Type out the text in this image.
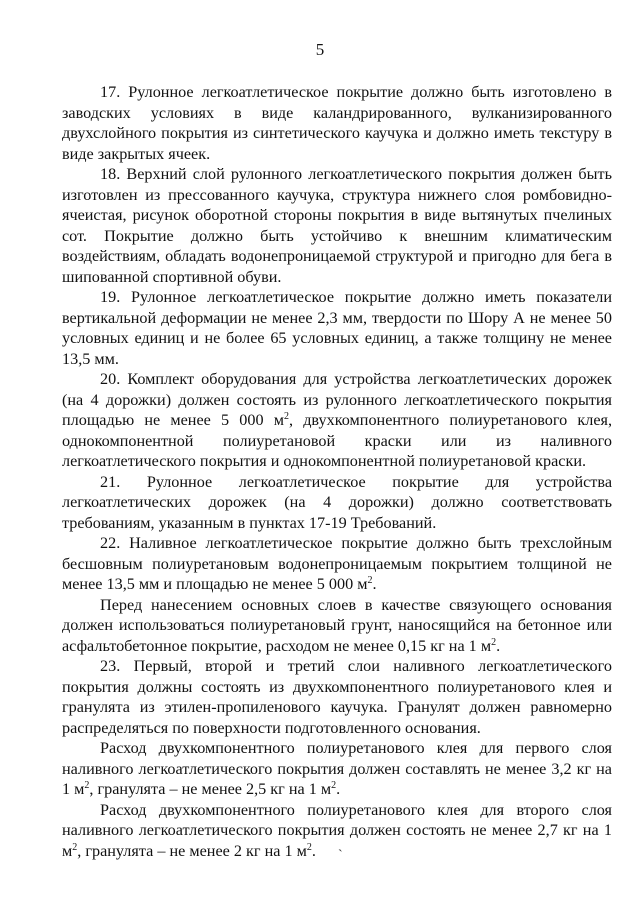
5

17. Рулонное легкоатлетическое покрытие должно быть изготовлено в заводских условиях в виде каландрированного, вулканизированного двухслойного покрытия из синтетического каучука и должно иметь текстуру в виде закрытых ячеек.

18. Верхний слой рулонного легкоатлетического покрытия должен быть изготовлен из прессованного каучука, структура нижнего слоя ромбовидно-ячеистая, рисунок оборотной стороны покрытия в виде вытянутых пчелиных сот. Покрытие должно быть устойчиво к внешним климатическим воздействиям, обладать водонепроницаемой структурой и пригодно для бега в шипованной спортивной обуви.

19. Рулонное легкоатлетическое покрытие должно иметь показатели вертикальной деформации не менее 2,3 мм, твердости по Шору А не менее 50 условных единиц и не более 65 условных единиц, а также толщину не менее 13,5 мм.

20. Комплект оборудования для устройства легкоатлетических дорожек (на 4 дорожки) должен состоять из рулонного легкоатлетического покрытия площадью не менее 5 000 $м^2$, двухкомпонентного полиуретанового клея, однокомпонентной полиуретановой краски или из наливного легкоатлетического покрытия и однокомпонентной полиуретановой краски.

21. Рулонное легкоатлетическое покрытие для устройства легкоатлетических дорожек (на 4 дорожки) должно соответствовать требованиям, указанным в пунктах 17-19 Требований.

22. Наливное легкоатлетическое покрытие должно быть трехслойным бесшовным полиуретановым водонепроницаемым покрытием толщиной не менее 13,5 мм и площадью не менее 5 000 $м^2$.

Перед нанесением основных слоев в качестве связующего основания должен использоваться полиуретановый грунт, наносящийся на бетонное или асфальтобетонное покрытие, расходом не менее 0,15 кг на 1 $м^2$.

23. Первый, второй и третий слои наливного легкоатлетического покрытия должны состоять из двухкомпонентного полиуретанового клея и гранулята из этилен-пропиленового каучука. Гранулят должен равномерно распределяться по поверхности подготовленного основания.

Расход двухкомпонентного полиуретанового клея для первого слоя наливного легкоатлетического покрытия должен составлять не менее 3,2 кг на 1 $м^2$, гранулята – не менее 2,5 кг на 1 $м^2$.

Расход двухкомпонентного полиуретанового клея для второго слоя наливного легкоатлетического покрытия должен состоять не менее 2,7 кг на 1 $м^2$, гранулята – не менее 2 кг на 1 $м^2$.	`
